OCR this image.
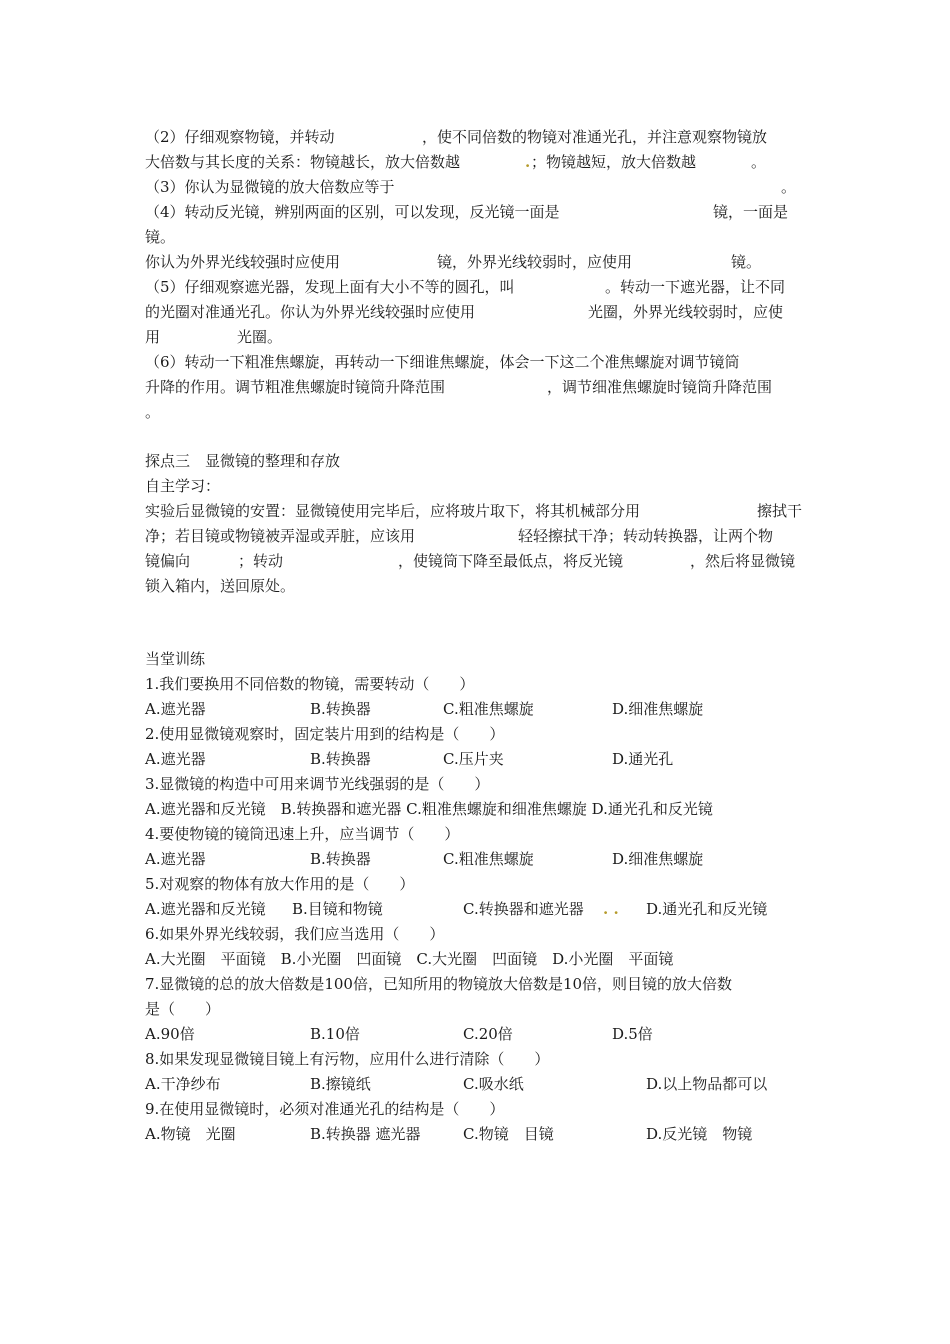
（2）仔细观察物镜，并转动	，使不同倍数的物镜对准通光孔，并注意观察物镜放
大倍数与其长度的关系：物镜越长，放大倍数越	. ；物镜越短，放大倍数越	。
（3）你认为显微镜的放大倍数应等于	。
（4）转动反光镜，辨别两面的区别，可以发现，反光镜一面是	镜，一面是
镜。
你认为外界光线较强时应使用	镜，外界光线较弱时，应使用	镜。
（5）仔细观察遮光器，发现上面有大小不等的圆孔，叫	。转动一下遮光器，让不同
的光圈对准通光孔。你认为外界光线较强时应使用	光圈，外界光线较弱时，应使
用	光圈。
（6）转动一下粗准焦螺旋，再转动一下细谁焦螺旋，体会一下这二个准焦螺旋对调节镜筒
升降的作用。调节粗准焦螺旋时镜筒升降范围	，调节细准焦螺旋时镜筒升降范围
。
探点三　显微镜的整理和存放
自主学习：
实验后显微镜的安置：显微镜使用完毕后，应将玻片取下，将其机械部分用	擦拭干
净；若目镜或物镜被弄湿或弄脏，应该用	轻轻擦拭干净；转动转换器，让两个物
镜偏向	；转动	，使镜筒下降至最低点，将反光镜	，然后将显微镜
锁入箱内，送回原处。
当堂训练
1.我们要换用不同倍数的物镜，需要转动（　　）
A.遮光器	B.转换器	C.粗准焦螺旋	D.细准焦螺旋
2.使用显微镜观察时，固定装片用到的结构是（　　）
A.遮光器	B.转换器	C.压片夹	D.通光孔
3.显微镜的构造中可用来调节光线强弱的是（　　）
A.遮光器和反光镜　B.转换器和遮光器 C.粗准焦螺旋和细准焦螺旋 D.通光孔和反光镜
4.要使物镜的镜筒迅速上升，应当调节（　　）
A.遮光器	B.转换器	C.粗准焦螺旋	D.细准焦螺旋
5.对观察的物体有放大作用的是（　　）
A.遮光器和反光镜 B.目镜和物镜	C.转换器和遮光器 . . D.通光孔和反光镜
6.如果外界光线较弱，我们应当选用（　　）
A.大光圈　平面镜　B.小光圈　凹面镜　C.大光圈　凹面镜　D.小光圈　平面镜
7.显微镜的总的放大倍数是100倍，已知所用的物镜放大倍数是10倍，则目镜的放大倍数
是（　　）
A.90倍	B.10倍	C.20倍	D.5倍
8.如果发现显微镜目镜上有污物，应用什么进行清除（　　）
A.干净纱布	B.擦镜纸	C.吸水纸	D.以上物品都可以
9.在使用显微镜时，必须对准通光孔的结构是（　　）
A.物镜　光圈	B.转换器 遮光器	C.物镜　目镜	D.反光镜　物镜
